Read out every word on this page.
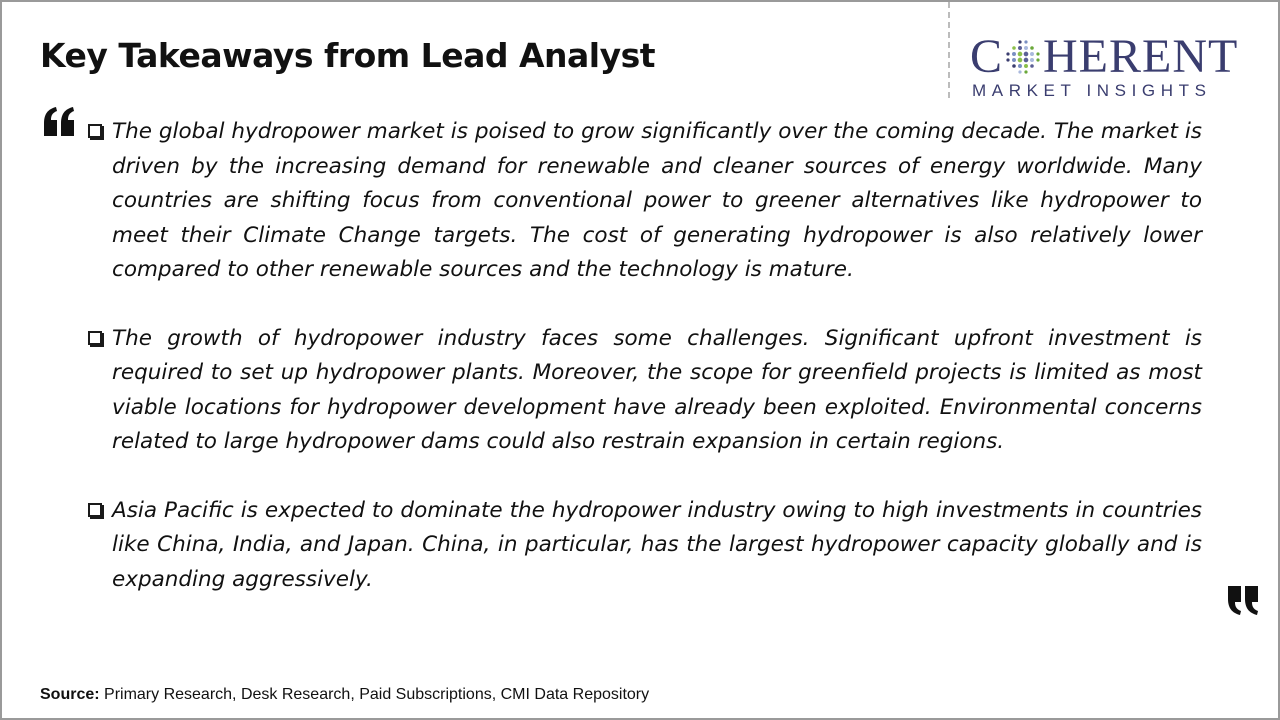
Key Takeaways from Lead Analyst	C HERENT
MARKET INSIGHTS
The global hydropower market is poised to grow significantly over the coming decade. The market is driven by the increasing demand for renewable and cleaner sources of energy worldwide. Many countries are shifting focus from conventional power to greener alternatives like hydropower to meet their Climate Change targets. The cost of generating hydropower is also relatively lower compared to other renewable sources and the technology is mature.
The growth of hydropower industry faces some challenges. Significant upfront investment is required to set up hydropower plants. Moreover, the scope for greenfield projects is limited as most viable locations for hydropower development have already been exploited. Environmental concerns related to large hydropower dams could also restrain expansion in certain regions.
Asia Pacific is expected to dominate the hydropower industry owing to high investments in countries like China, India, and Japan. China, in particular, has the largest hydropower capacity globally and is expanding aggressively.
Source: Primary Research, Desk Research, Paid Subscriptions, CMI Data Repository
